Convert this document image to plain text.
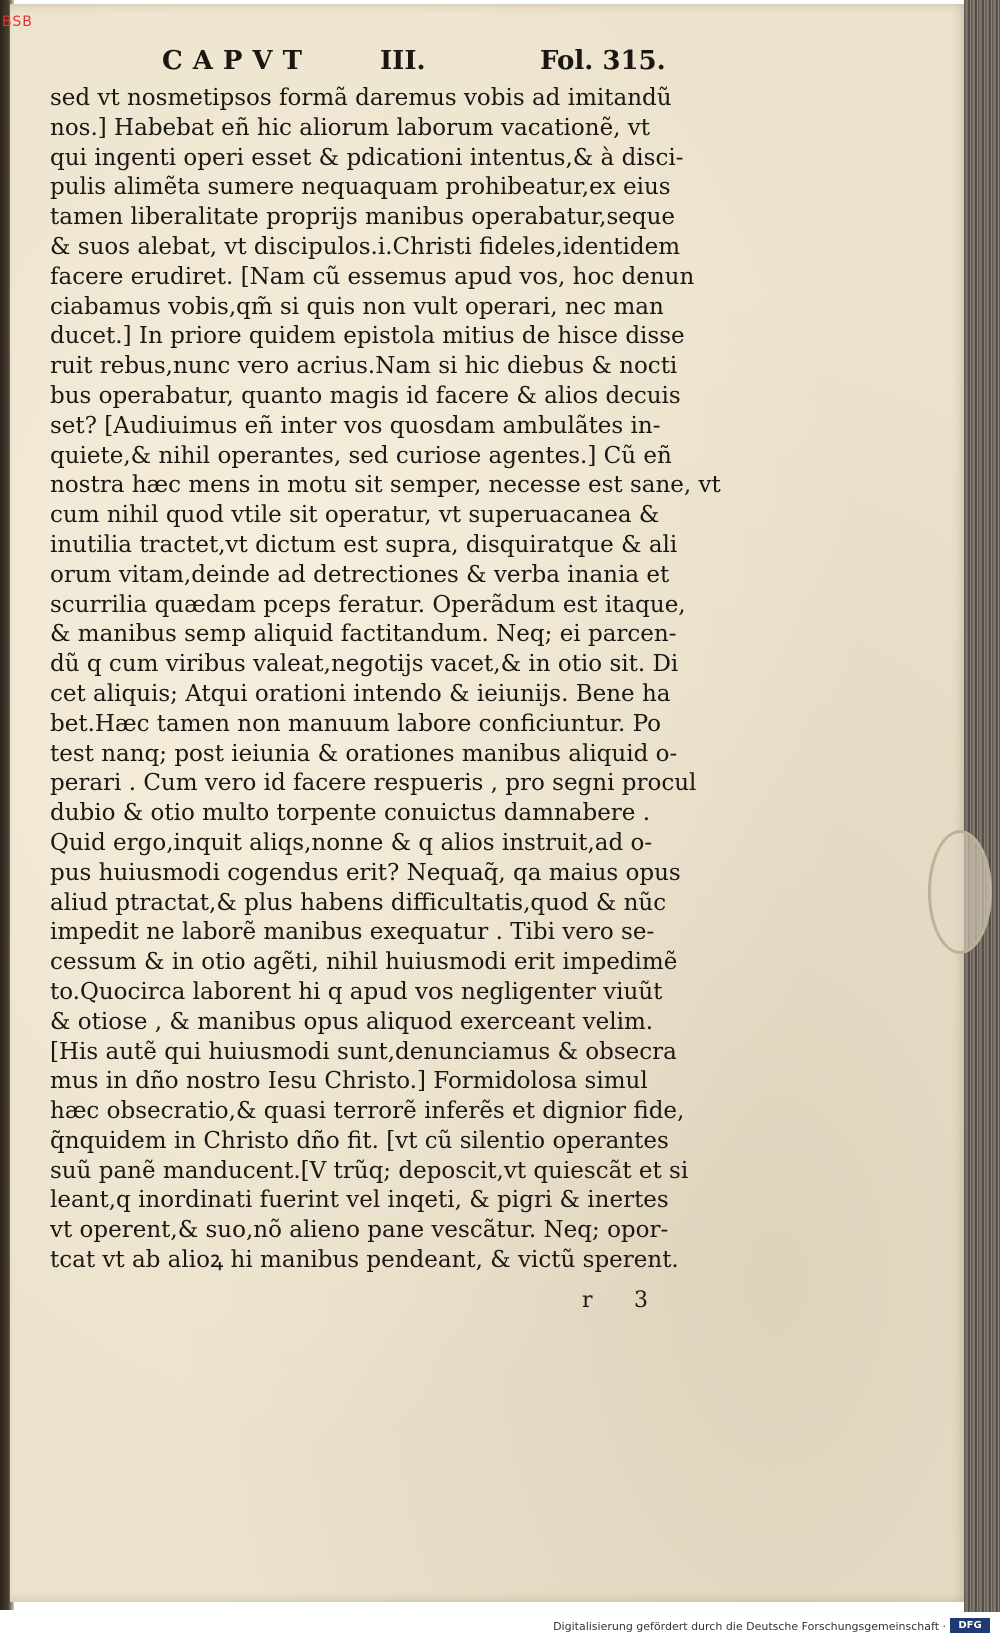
BSB
CAPVT	III.	Fol. 315.
sed vt nosmetipsos formã daremus vobis ad imitandũ
nos.] Habebat eñ hic aliorum laborum vacationẽ, vt
qui ingenti operi esset & pdicationi intentus,& à disci-
pulis alimẽta sumere nequaquam prohibeatur,ex eius
tamen liberalitate proprijs manibus operabatur,seque
& suos alebat, vt discipulos.i.Christi fideles,identidem
facere erudiret. [Nam cũ essemus apud vos, hoc denun
ciabamus vobis,qm̃ si quis non vult operari, nec man
ducet.] In priore quidem epistola mitius de hisce disse
ruit rebus,nunc vero acrius.Nam si hic diebus & nocti
bus operabatur, quanto magis id facere & alios decuis
set? [Audiuimus eñ inter vos quosdam ambulãtes in-
quiete,& nihil operantes, sed curiose agentes.] Cũ eñ
nostra hæc mens in motu sit semper, necesse est sane, vt
cum nihil quod vtile sit operatur, vt superuacanea &
inutilia tractet,vt dictum est supra, disquiratque & ali
orum vitam,deinde ad detrectiones & verba inania et
scurrilia quædam pceps feratur. Operãdum est itaque,
& manibus semp aliquid factitandum. Neq; ei parcen-
dũ q cum viribus valeat,negotijs vacet,& in otio sit. Di
cet aliquis; Atqui orationi intendo & ieiunijs. Bene ha
bet.Hæc tamen non manuum labore conficiuntur. Po
test nanq; post ieiunia & orationes manibus aliquid o-
perari . Cum vero id facere respueris , pro segni procul
dubio & otio multo torpente conuictus damnabere .
Quid ergo,inquit aliqs,nonne & q alios instruit,ad o-
pus huiusmodi cogendus erit? Nequaq̃, qa maius opus
aliud ptractat,& plus habens difficultatis,quod & nũc
impedit ne laborẽ manibus exequatur . Tibi vero se-
cessum & in otio agẽti, nihil huiusmodi erit impedimẽ
to.Quocirca laborent hi q apud vos negligenter viuũt
& otiose , & manibus opus aliquod exerceant velim.
[His autẽ qui huiusmodi sunt,denunciamus & obsecra
mus in dño nostro Iesu Christo.] Formidolosa simul
hæc obsecratio,& quasi terrorẽ inferẽs et dignior fide,
q̃nquidem in Christo dño fit. [vt cũ silentio operantes
suũ panẽ manducent.[V trũq; deposcit,vt quiescãt et si
leant,q inordinati fuerint vel inqeti, & pigri & inertes
vt operent,& suo,nõ alieno pane vescãtur. Neq; opor-
tcat vt ab alioꝝ hi manibus pendeant, & victũ sperent.
r 3
Digitalisierung gefördert durch die Deutsche Forschungsgemeinschaft ·	DFG
